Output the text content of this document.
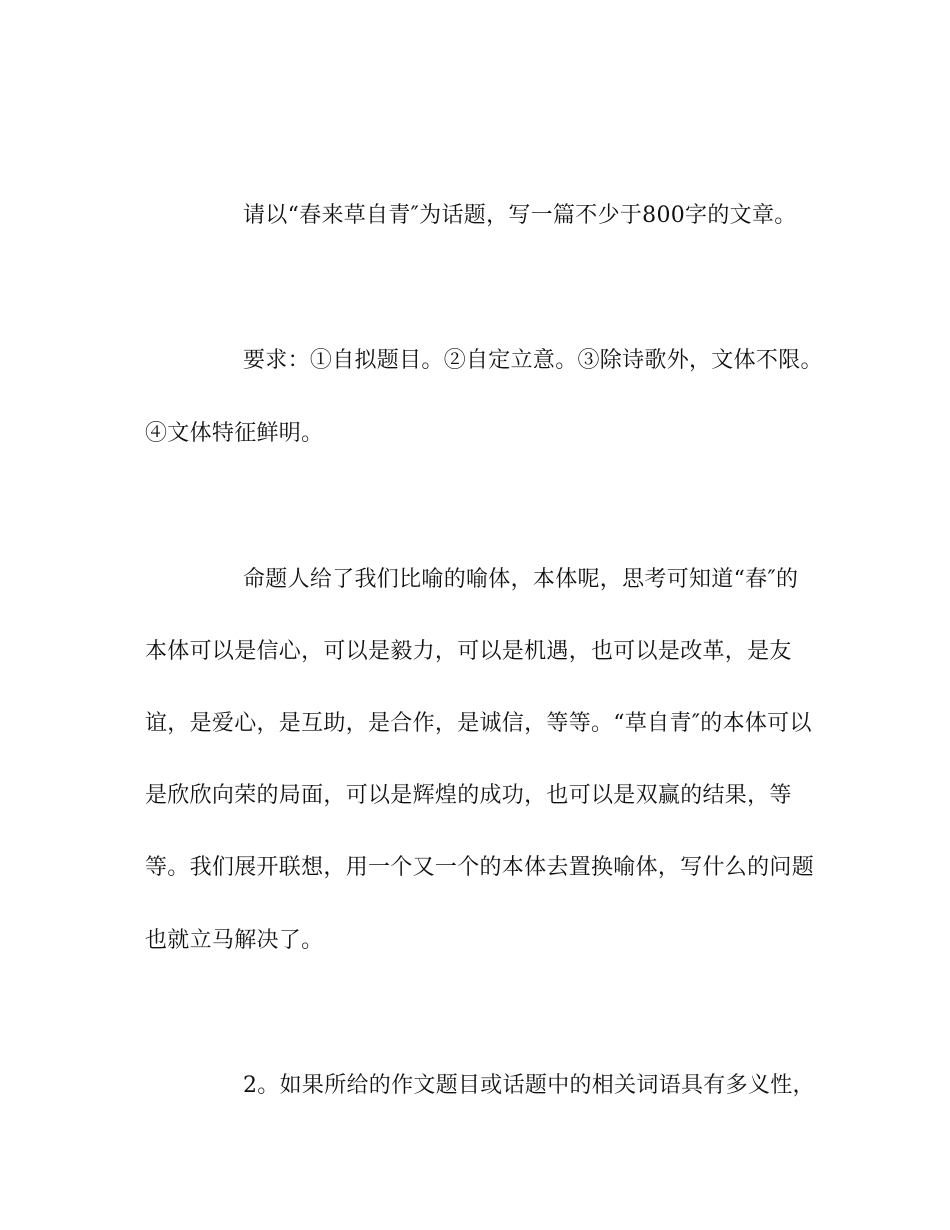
请以“春来草自青″为话题，写一篇不少于800字的文章。
要求：①自拟题目。②自定立意。③除诗歌外，文体不限。
④文体特征鲜明。
命题人给了我们比喻的喻体，本体呢，思考可知道“春″的
本体可以是信心，可以是毅力，可以是机遇，也可以是改革，是友
谊，是爱心，是互助，是合作，是诚信，等等。“草自青″的本体可以
是欣欣向荣的局面，可以是辉煌的成功，也可以是双赢的结果，等
等。我们展开联想，用一个又一个的本体去置换喻体，写什么的问题
也就立马解决了。
2。如果所给的作文题目或话题中的相关词语具有多义性，
